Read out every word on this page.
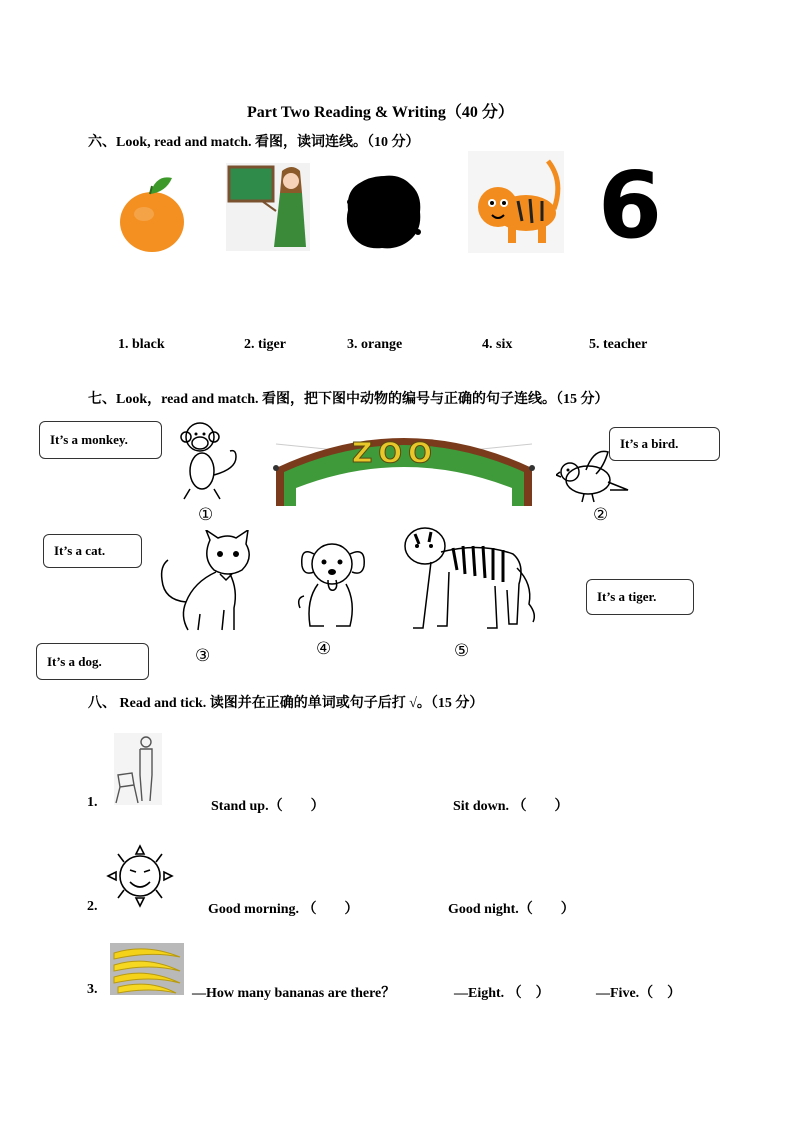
Part Two Reading & Writing（40 分）
六、Look, read and match. 看图，读词连线。（10 分）
6
1. black	2. tiger	3. orange	4. six	5. teacher
七、Look，read and match. 看图，把下图中动物的编号与正确的句子连线。（15 分）
It’s a monkey.	It’s a bird.
It’s a cat.
It’s a tiger.
It’s a dog.
ZOO
①	②
③	④	⑤
八、 Read and tick. 读图并在正确的单词或句子后打 √。（15 分）
1.	Stand up.（　　）	Sit down. （　　）
2.	Good morning. （　　）	Good night.（　　）
3.	—How many bananas are there？	—Eight. （　）	—Five.（　）
